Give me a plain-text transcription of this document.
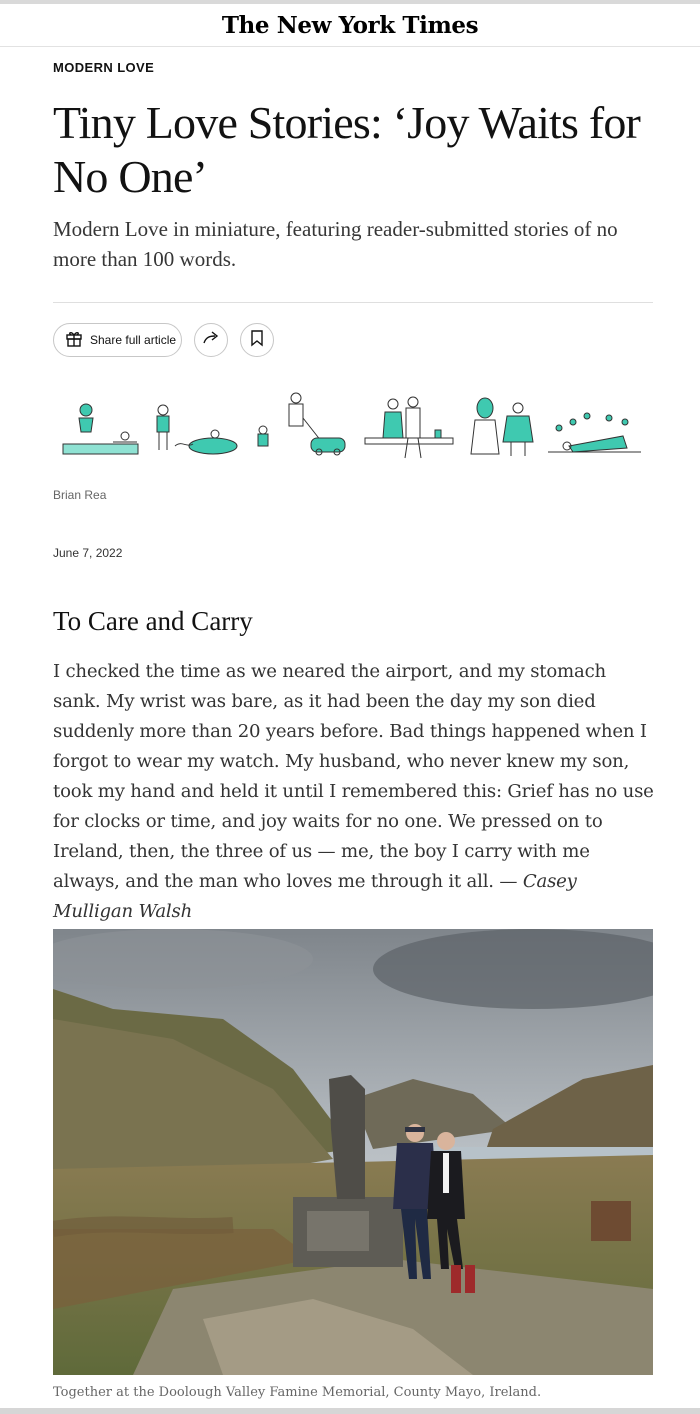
The New York Times
MODERN LOVE
Tiny Love Stories: ‘Joy Waits for No One’

Modern Love in miniature, featuring reader-submitted stories of no more than 100 words.

Share full article
Brian Rea
June 7, 2022
To Care and Carry

I checked the time as we neared the airport, and my stomach sank. My wrist was bare, as it had been the day my son died suddenly more than 20 years before. Bad things happened when I forgot to wear my watch. My husband, who never knew my son, took my hand and held it until I remembered this: Grief has no use for clocks or time, and joy waits for no one. We pressed on to Ireland, then, the three of us — me, the boy I carry with me always, and the man who loves me through it all. — Casey Mulligan Walsh

Together at the Doolough Valley Famine Memorial, County Mayo, Ireland.
